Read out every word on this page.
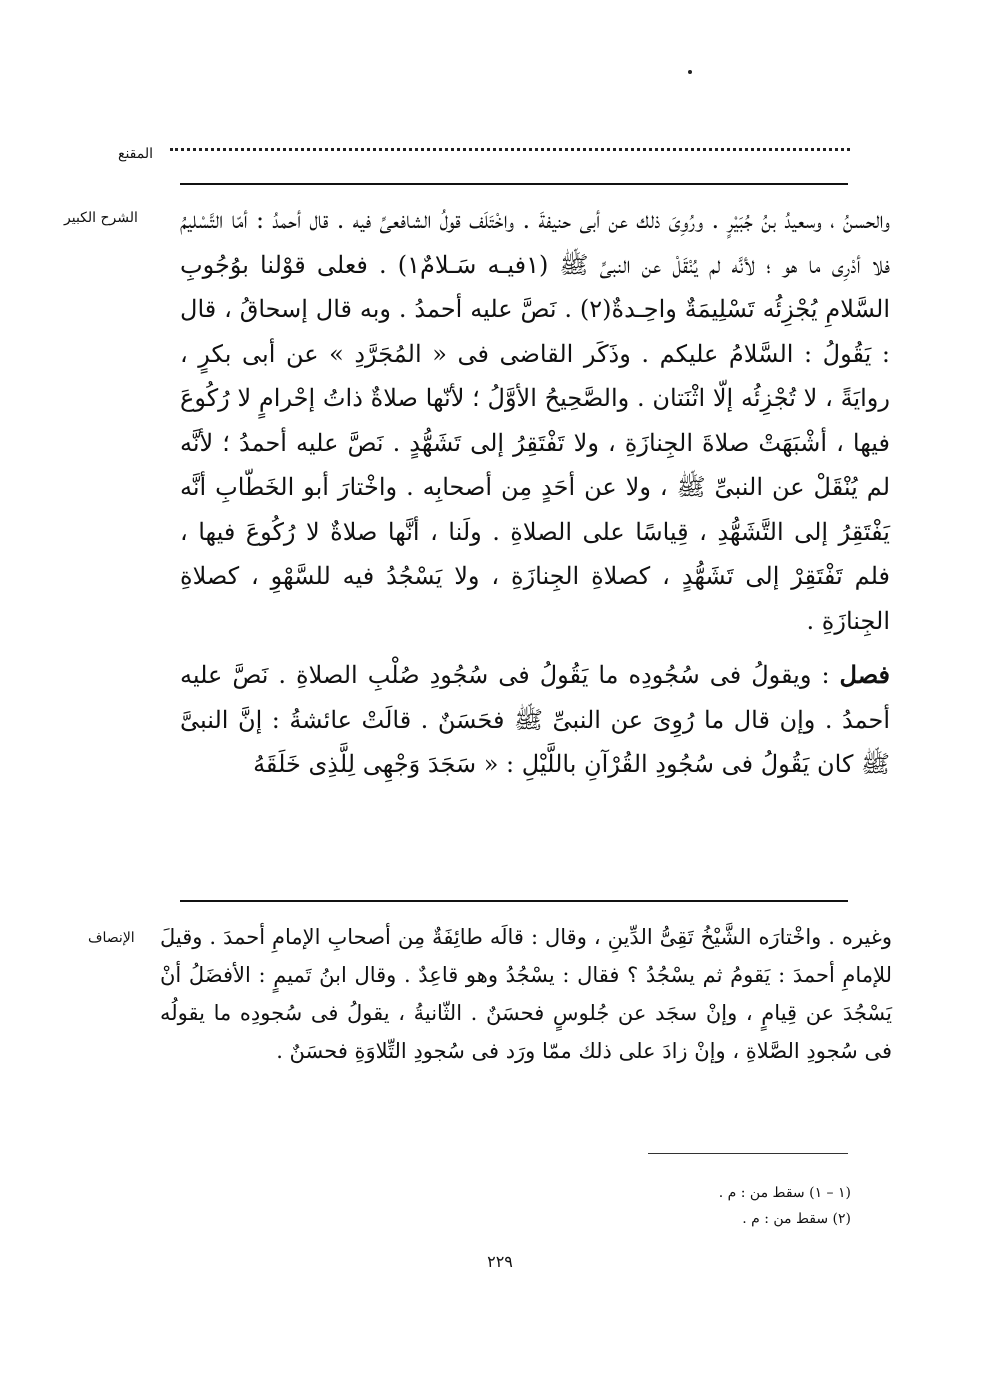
المقنع
الشرح الكبير والحسنُ ، وسعيدُ بنُ جُبَيْرٍ . ورُوِىَ ذلك عن أبى حنيفةَ . واخْتَلَف قولُ الشافعىِّ فيه . قال أحمدُ : أمّا التَّسْليمُ فلا أدْرِى ما هو ؛ لأنَّه لم يُنْقَلْ عن النبىِّ ﷺ (١فيـه سَـلامٌ١) . فعلى قوْلنا بوُجُوبِ السَّلامِ يُجْزِئُه تَسْلِيمَةٌ واحِـدةٌ(٢) . نَصَّ عليه أحمدُ . وبه قال إسحاقُ ، قال : يَقُولُ : السَّلامُ عليكم . وذَكَر القاضى فى « المُجَرَّدِ » عن أبى بكرٍ ، روايَةً ، لا تُجْزِئُه إلّا اثْنَتان . والصَّحِيحُ الأوَّلُ ؛ لأنّها صلاةٌ ذاتُ إحْرامٍ لا رُكُوعَ فيها ، أشْبَهَتْ صلاةَ الجِنازَةِ ، ولا تَفْتَقِرُ إلى تَشَهُّدٍ . نَصَّ عليه أحمدُ ؛ لأنَّه لم يُنْقَلْ عن النبىِّ ﷺ ، ولا عن أحَدٍ مِن أصحابِه . واخْتارَ أبو الخَطّابِ أنَّه يَفْتَقِرُ إلى التَّشَهُّدِ ، قِياسًا على الصلاةِ . ولَنا ، أنَّها صلاةٌ لا رُكُوعَ فيها ، فلم تَفْتَقِرْ إلى تَشَهُّدٍ ، كصلاةِ الجِنازَةِ ، ولا يَسْجُدُ فيه للسَّهْوِ ، كصلاةِ الجِنازَةِ .

فصل : ويقولُ فى سُجُودِه ما يَقُولُ فى سُجُودِ صُلْبِ الصلاةِ . نَصَّ عليه أحمدُ . وإن قال ما رُوِىَ عن النبىِّ ﷺ فحَسَنٌ . قالَتْ عائشةُ : إنَّ النبىَّ ﷺ كان يَقُولُ فى سُجُودِ القُرْآنِ باللَّيْلِ : « سَجَدَ وَجْهِى لِلَّذِى خَلَقَهُ

الإنصاف وغيره . واخْتارَه الشَّيْخُ تَقِىُّ الدِّينِ ، وقال : قالَه طائِفَةٌ مِن أصحابِ الإمامِ أحمدَ . وقيلَ للإمامِ أحمدَ : يَقومُ ثم يسْجُدُ ؟ فقال : يسْجُدُ وهو قاعِدٌ . وقال ابنُ تَميمٍ : الأفضَلُ أنْ يَسْجُدَ عن قِيامٍ ، وإنْ سجَد عن جُلوسٍ فحسَنٌ . الثّانيةُ ، يقولُ فى سُجودِه ما يقولُه فى سُجودِ الصَّلاةِ ، وإنْ زادَ على ذلك ممّا ورَد فى سُجودِ التِّلاوَةِ فحسَنٌ .
(١ – ١) سقط من : م .
(٢) سقط من : م .
٢٢٩
